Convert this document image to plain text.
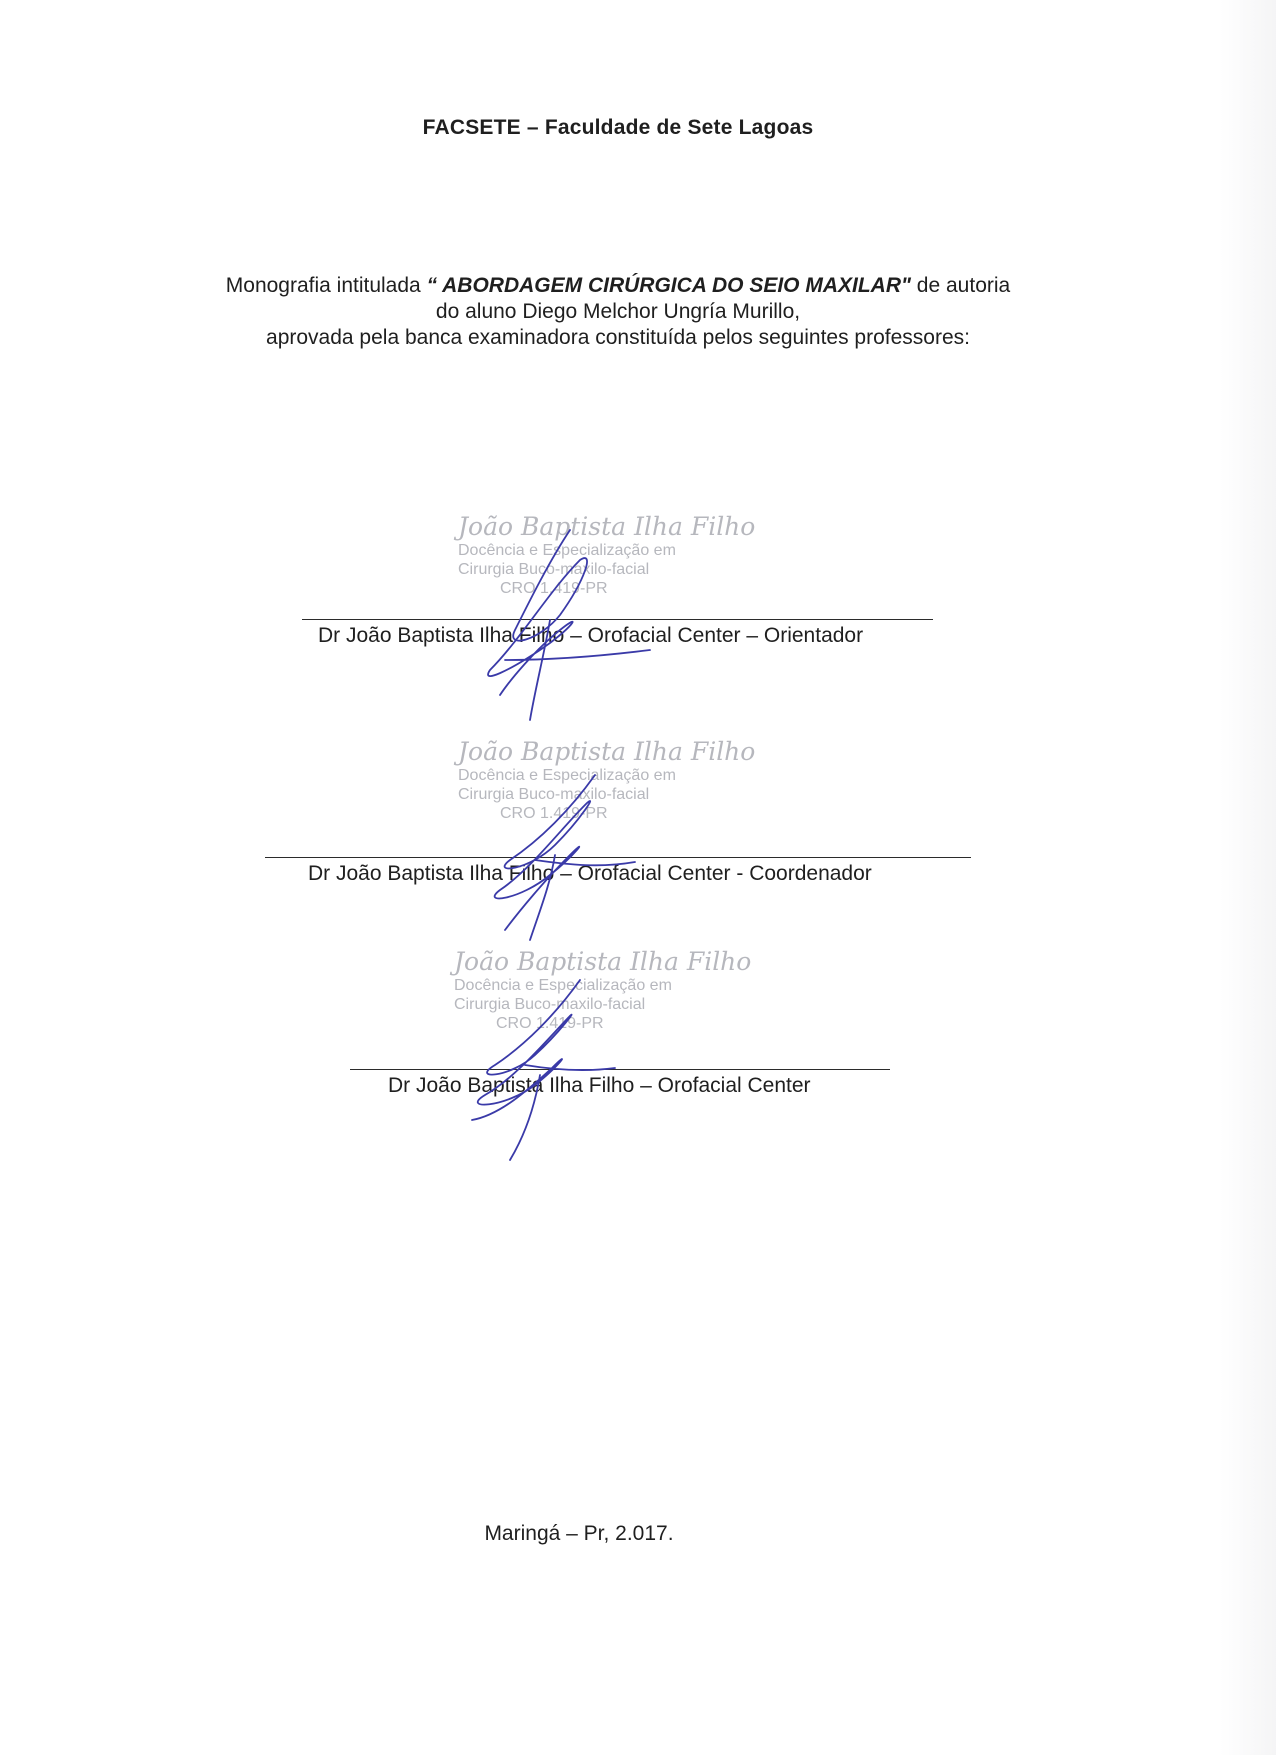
FACSETE – Faculdade de Sete Lagoas
Monografia intitulada “ ABORDAGEM CIRÚRGICA DO SEIO MAXILAR" de autoria
do aluno Diego Melchor Ungría Murillo,
aprovada pela banca examinadora constituída pelos seguintes professores:
João Baptista Ilha Filho
Docência e Especialização em
Cirurgia Buco-maxilo-facial
CRO 1.419-PR
Dr João Baptista Ilha Filho – Orofacial Center – Orientador
João Baptista Ilha Filho
Docência e Especialização em
Cirurgia Buco-maxilo-facial
CRO 1.419-PR
Dr João Baptista Ilha Filho – Orofacial Center - Coordenador
João Baptista Ilha Filho
Docência e Especialização em
Cirurgia Buco-maxilo-facial
CRO 1.419-PR
Dr João Baptista Ilha Filho – Orofacial Center
Maringá – Pr, 2.017.
